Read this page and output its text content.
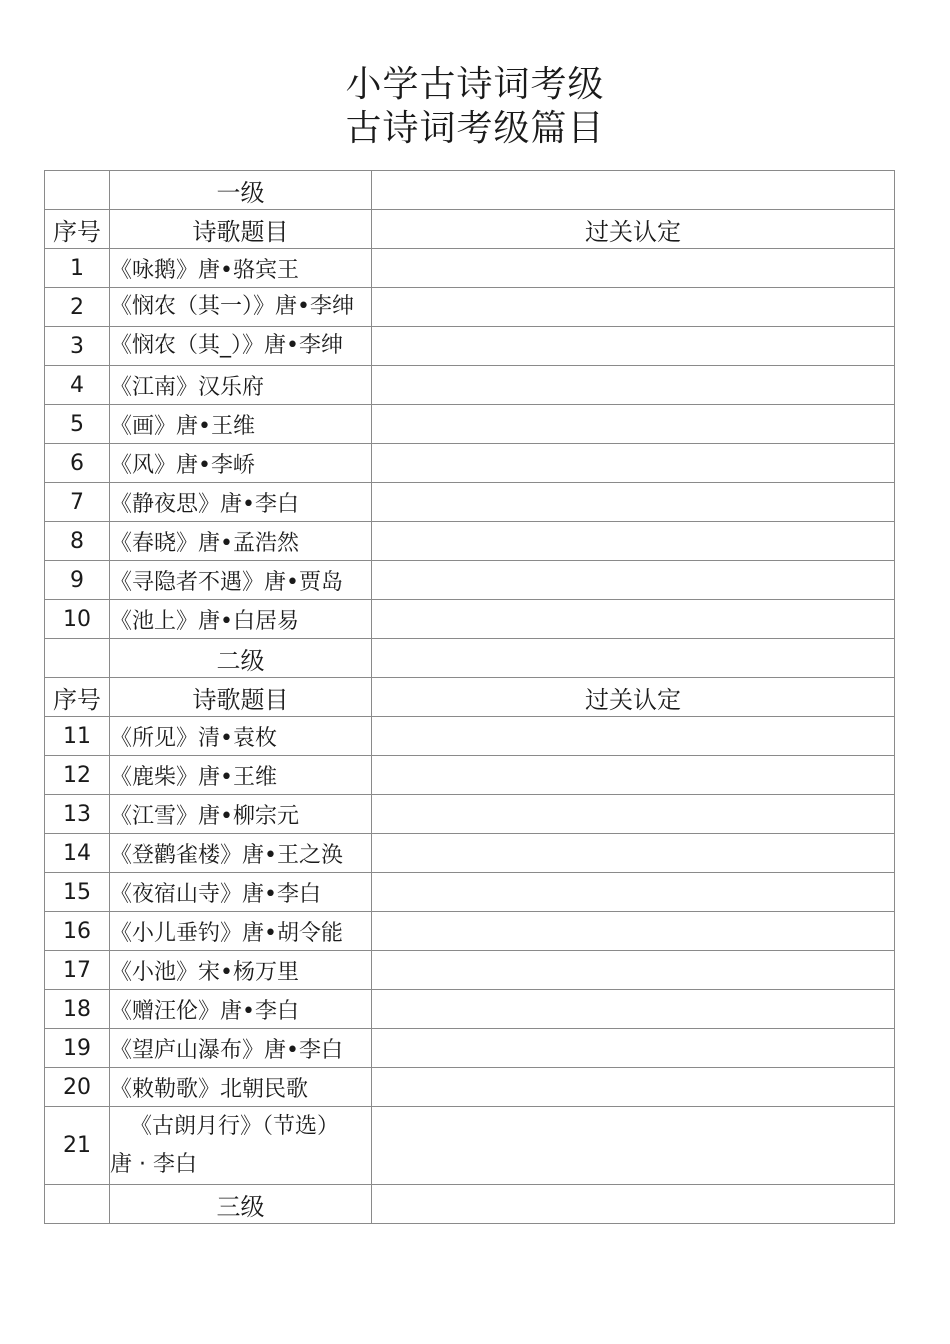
小学古诗词考级
古诗词考级篇目
	一级	
序号	诗歌题目	过关认定
1	《咏鹅》唐•骆宾王	
2	《悯农（其一）》唐•李绅	

3	《悯农（其_）》唐•李绅	

4	《江南》汉乐府	
5	《画》唐•王维	
6	《风》唐•李峤	
7	《静夜思》唐•李白	
8	《春晓》唐•孟浩然	
9	《寻隐者不遇》唐•贾岛	
10	《池上》唐•白居易	
	二级	
序号	诗歌题目	过关认定
11	《所见》清•袁枚	
12	《鹿柴》唐•王维	
13	《江雪》唐•柳宗元	
14	《登鹳雀楼》唐•王之涣	
15	《夜宿山寺》唐•李白	
16	《小儿垂钓》唐•胡令能	
17	《小池》宋•杨万里	
18	《赠汪伦》唐•李白	
19	《望庐山瀑布》唐•李白	
20	《敕勒歌》北朝民歌	
21	《古朗月行》（节选）
唐 · 李白	
	三级	
